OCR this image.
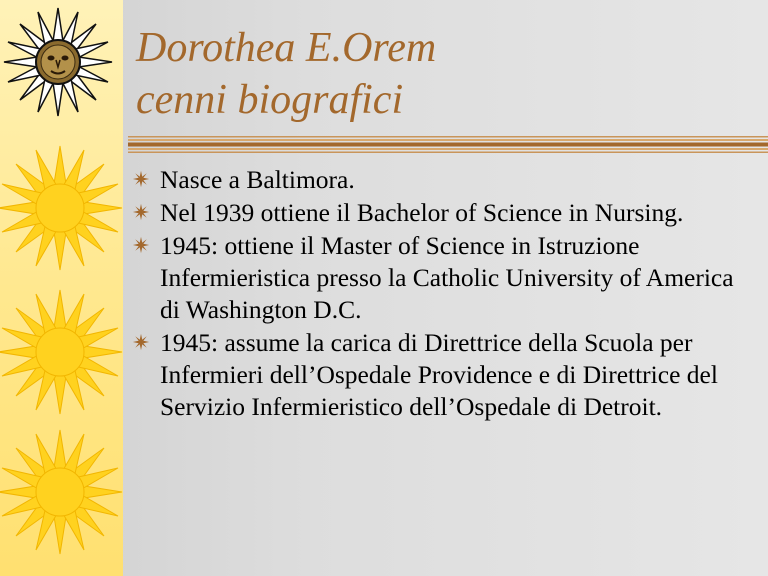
Dorothea E.Orem
cenni biografici
Nasce a Baltimora.
Nel 1939 ottiene il Bachelor of Science in Nursing.
1945: ottiene il Master of Science in Istruzione Infermieristica presso la Catholic University of America di Washington D.C.
1945: assume la carica di Direttrice della Scuola per Infermieri dell’Ospedale Providence e di Direttrice del Servizio Infermieristico dell’Ospedale di Detroit.
